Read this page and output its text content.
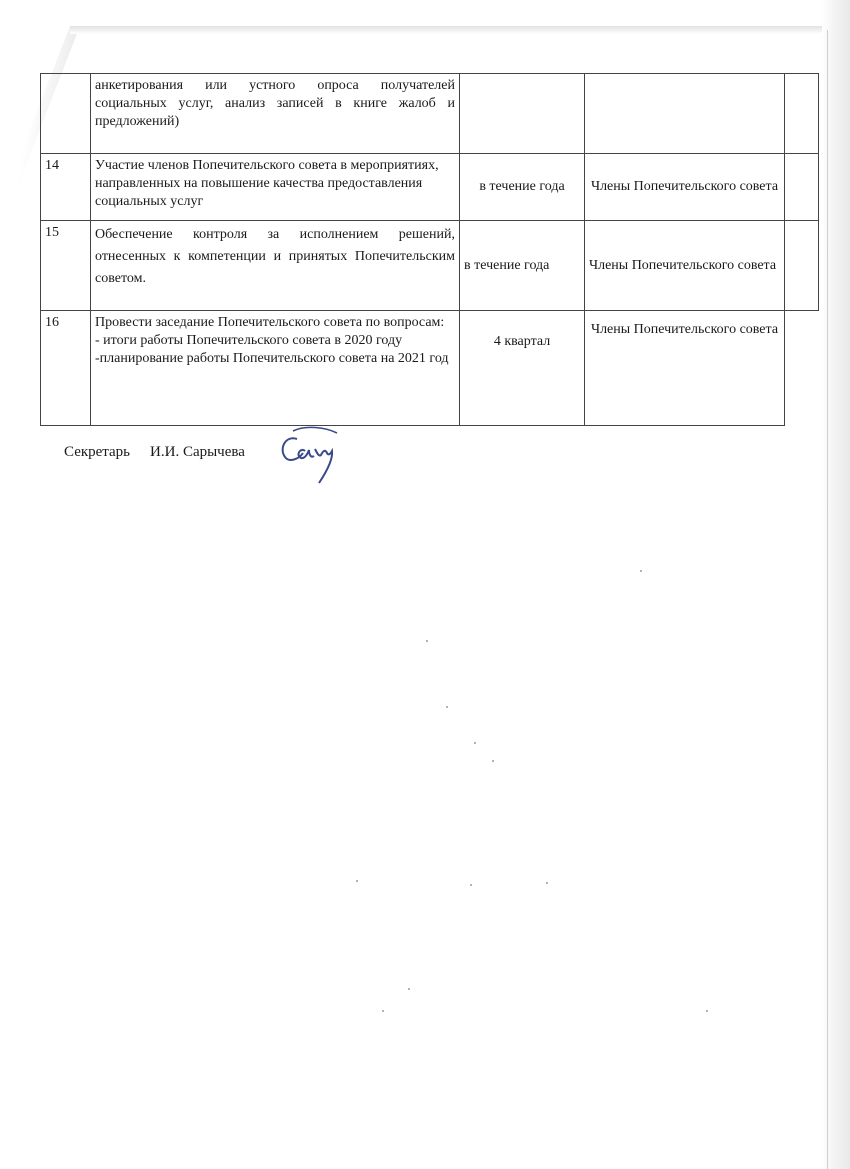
	анкетирования или устного опроса получателей социальных услуг, анализ записей в книге жалоб и предложений)			
14	Участие членов Попечительского совета в мероприятиях, направленных на повышение качества предоставления социальных услуг	в течение года	Члены Попечительского совета	
15	Обеспечение контроля за исполнением решений, отнесенных к компетенции и принятых Попечительским советом.	в течение года	Члены Попечительского совета	
16	Провести заседание Попечительского совета по вопросам:
- итоги работы Попечительского совета в 2020 году
-планирование работы Попечительского совета на 2021 год	4 квартал	Члены Попечительского совета	
Секретарь И.И. Сарычева
